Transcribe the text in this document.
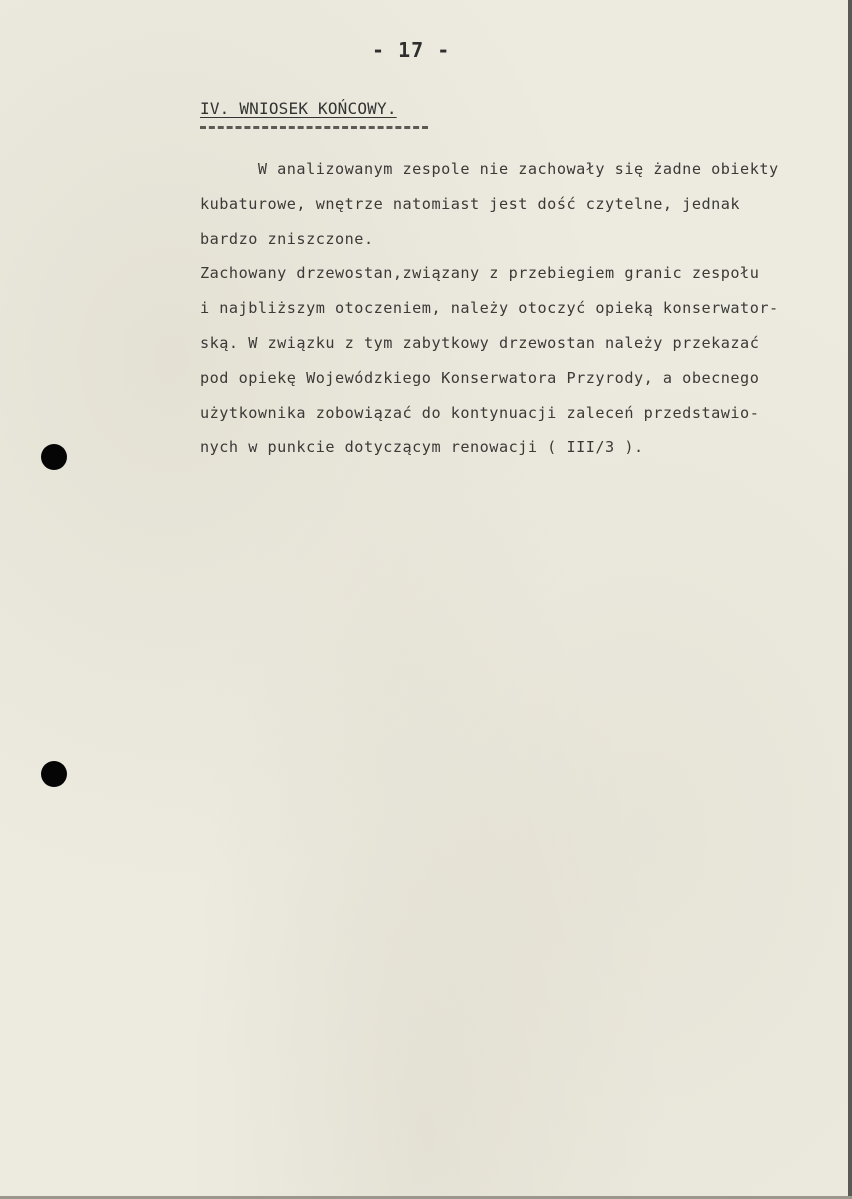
- 17 -
IV. WNIOSEK KOŃCOWY.
W analizowanym zespole nie zachowały się żadne obiekty
kubaturowe, wnętrze natomiast jest dość czytelne, jednak
bardzo zniszczone.
Zachowany drzewostan,związany z przebiegiem granic zespołu
i najbliższym otoczeniem, należy otoczyć opieką konserwator-
ską. W związku z tym zabytkowy drzewostan należy przekazać
pod opiekę Wojewódzkiego Konserwatora Przyrody, a obecnego
użytkownika zobowiązać do kontynuacji zaleceń przedstawio-
nych w punkcie dotyczącym renowacji ( III/3 ).
